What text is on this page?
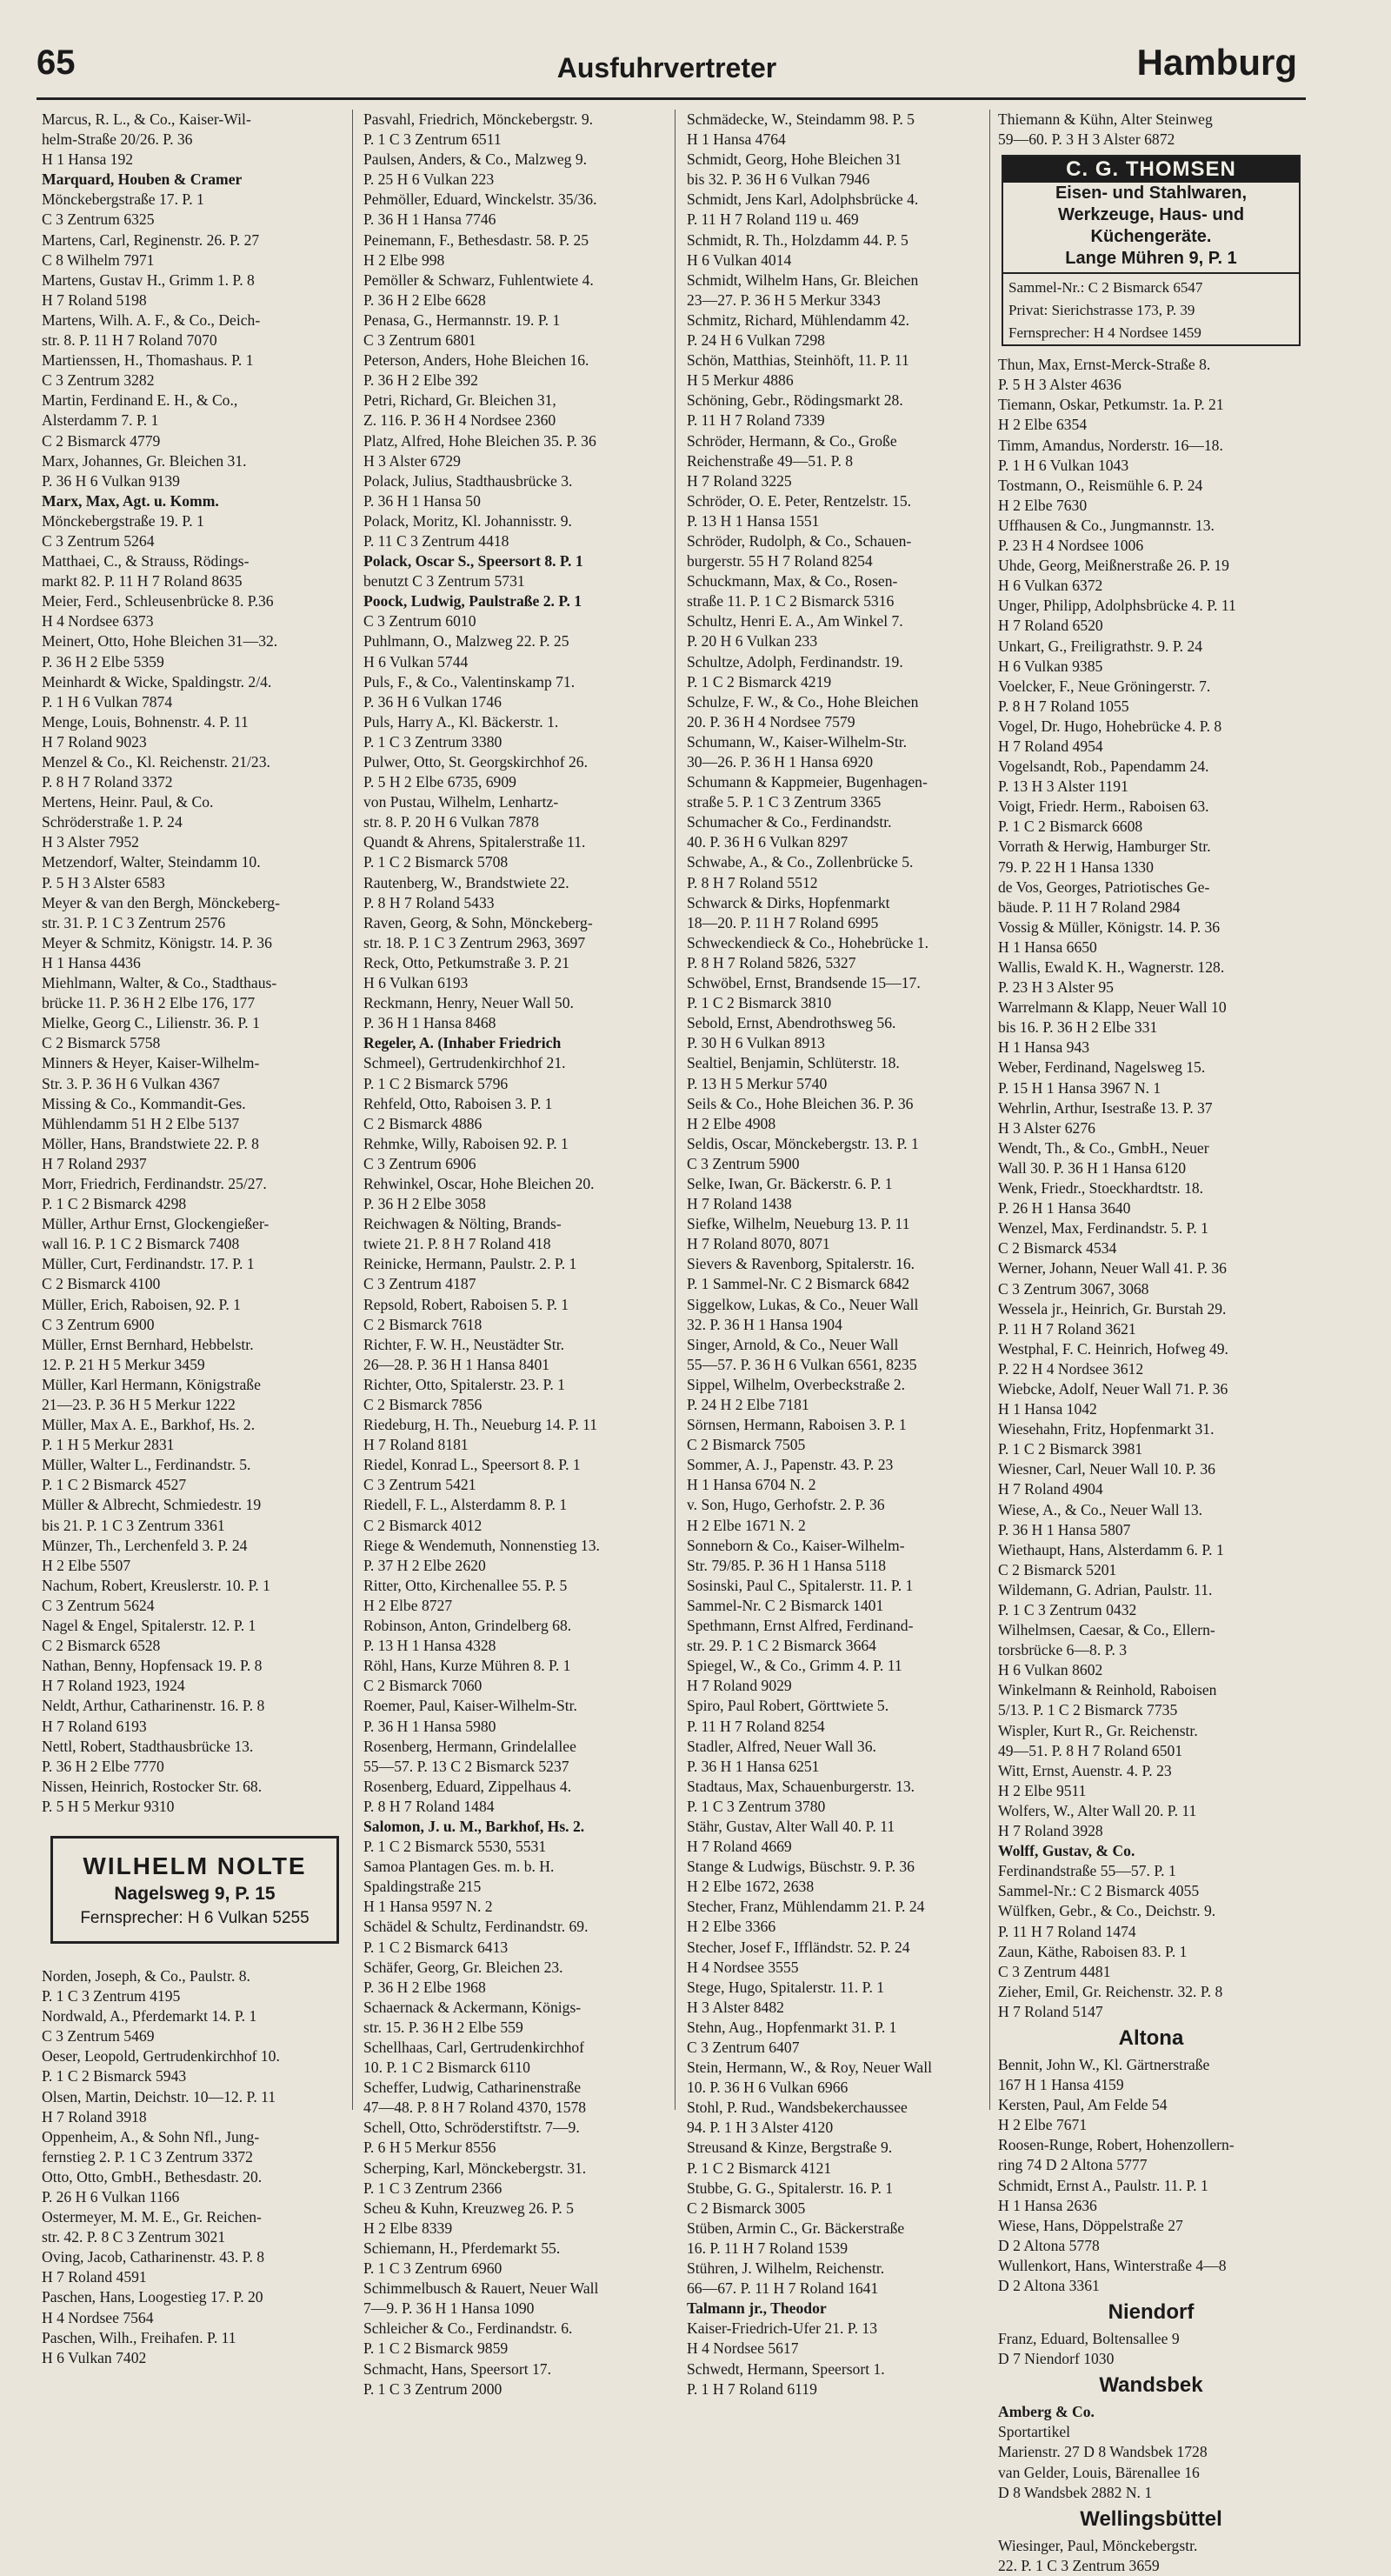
65	Ausfuhrvertreter	Hamburg
Marcus, R. L., & Co., Kaiser-Wil-
helm-Straße 20/26. P. 36
H 1 Hansa 192
Marquard, Houben & Cramer
Mönckebergstraße 17. P. 1
C 3 Zentrum 6325
Martens, Carl, Reginenstr. 26. P. 27
C 8 Wilhelm 7971
Martens, Gustav H., Grimm 1. P. 8
H 7 Roland 5198
Martens, Wilh. A. F., & Co., Deich-
str. 8. P. 11 H 7 Roland 7070
Martienssen, H., Thomashaus. P. 1
C 3 Zentrum 3282
Martin, Ferdinand E. H., & Co.,
Alsterdamm 7. P. 1
C 2 Bismarck 4779
Marx, Johannes, Gr. Bleichen 31.
P. 36 H 6 Vulkan 9139
Marx, Max, Agt. u. Komm.
Mönckebergstraße 19. P. 1
C 3 Zentrum 5264
Matthaei, C., & Strauss, Rödings-
markt 82. P. 11 H 7 Roland 8635
Meier, Ferd., Schleusenbrücke 8. P.36
H 4 Nordsee 6373
Meinert, Otto, Hohe Bleichen 31—32.
P. 36 H 2 Elbe 5359
Meinhardt & Wicke, Spaldingstr. 2/4.
P. 1 H 6 Vulkan 7874
Menge, Louis, Bohnenstr. 4. P. 11
H 7 Roland 9023
Menzel & Co., Kl. Reichenstr. 21/23.
P. 8 H 7 Roland 3372
Mertens, Heinr. Paul, & Co.
Schröderstraße 1. P. 24
H 3 Alster 7952
Metzendorf, Walter, Steindamm 10.
P. 5 H 3 Alster 6583
Meyer & van den Bergh, Mönckeberg-
str. 31. P. 1 C 3 Zentrum 2576
Meyer & Schmitz, Königstr. 14. P. 36
H 1 Hansa 4436
Miehlmann, Walter, & Co., Stadthaus-
brücke 11. P. 36 H 2 Elbe 176, 177
Mielke, Georg C., Lilienstr. 36. P. 1
C 2 Bismarck 5758
Minners & Heyer, Kaiser-Wilhelm-
Str. 3. P. 36 H 6 Vulkan 4367
Missing & Co., Kommandit-Ges.
Mühlendamm 51 H 2 Elbe 5137
Möller, Hans, Brandstwiete 22. P. 8
H 7 Roland 2937
Morr, Friedrich, Ferdinandstr. 25/27.
P. 1 C 2 Bismarck 4298
Müller, Arthur Ernst, Glockengießer-
wall 16. P. 1 C 2 Bismarck 7408
Müller, Curt, Ferdinandstr. 17. P. 1
C 2 Bismarck 4100
Müller, Erich, Raboisen, 92. P. 1
C 3 Zentrum 6900
Müller, Ernst Bernhard, Hebbelstr.
12. P. 21 H 5 Merkur 3459
Müller, Karl Hermann, Königstraße
21—23. P. 36 H 5 Merkur 1222
Müller, Max A. E., Barkhof, Hs. 2.
P. 1 H 5 Merkur 2831
Müller, Walter L., Ferdinandstr. 5.
P. 1 C 2 Bismarck 4527
Müller & Albrecht, Schmiedestr. 19
bis 21. P. 1 C 3 Zentrum 3361
Münzer, Th., Lerchenfeld 3. P. 24
H 2 Elbe 5507
Nachum, Robert, Kreuslerstr. 10. P. 1
C 3 Zentrum 5624
Nagel & Engel, Spitalerstr. 12. P. 1
C 2 Bismarck 6528
Nathan, Benny, Hopfensack 19. P. 8
H 7 Roland 1923, 1924
Neldt, Arthur, Catharinenstr. 16. P. 8
H 7 Roland 6193
Nettl, Robert, Stadthausbrücke 13.
P. 36 H 2 Elbe 7770
Nissen, Heinrich, Rostocker Str. 68.
P. 5 H 5 Merkur 9310
WILHELM NOLTE
Nagelsweg 9, P. 15
Fernsprecher: H 6 Vulkan 5255
Norden, Joseph, & Co., Paulstr. 8.
P. 1 C 3 Zentrum 4195
Nordwald, A., Pferdemarkt 14. P. 1
C 3 Zentrum 5469
Oeser, Leopold, Gertrudenkirchhof 10.
P. 1 C 2 Bismarck 5943
Olsen, Martin, Deichstr. 10—12. P. 11
H 7 Roland 3918
Oppenheim, A., & Sohn Nfl., Jung-
fernstieg 2. P. 1 C 3 Zentrum 3372
Otto, Otto, GmbH., Bethesdastr. 20.
P. 26 H 6 Vulkan 1166
Ostermeyer, M. M. E., Gr. Reichen-
str. 42. P. 8 C 3 Zentrum 3021
Oving, Jacob, Catharinenstr. 43. P. 8
H 7 Roland 4591
Paschen, Hans, Loogestieg 17. P. 20
H 4 Nordsee 7564
Paschen, Wilh., Freihafen. P. 11
H 6 Vulkan 7402
Pasvahl, Friedrich, Mönckebergstr. 9.
P. 1 C 3 Zentrum 6511
Paulsen, Anders, & Co., Malzweg 9.
P. 25 H 6 Vulkan 223
Pehmöller, Eduard, Winckelstr. 35/36.
P. 36 H 1 Hansa 7746
Peinemann, F., Bethesdastr. 58. P. 25
H 2 Elbe 998
Pemöller & Schwarz, Fuhlentwiete 4.
P. 36 H 2 Elbe 6628
Penasa, G., Hermannstr. 19. P. 1
C 3 Zentrum 6801
Peterson, Anders, Hohe Bleichen 16.
P. 36 H 2 Elbe 392
Petri, Richard, Gr. Bleichen 31,
Z. 116. P. 36 H 4 Nordsee 2360
Platz, Alfred, Hohe Bleichen 35. P. 36
H 3 Alster 6729
Polack, Julius, Stadthausbrücke 3.
P. 36 H 1 Hansa 50
Polack, Moritz, Kl. Johannisstr. 9.
P. 11 C 3 Zentrum 4418
Polack, Oscar S., Speersort 8. P. 1
benutzt C 3 Zentrum 5731
Poock, Ludwig, Paulstraße 2. P. 1
C 3 Zentrum 6010
Puhlmann, O., Malzweg 22. P. 25
H 6 Vulkan 5744
Puls, F., & Co., Valentinskamp 71.
P. 36 H 6 Vulkan 1746
Puls, Harry A., Kl. Bäckerstr. 1.
P. 1 C 3 Zentrum 3380
Pulwer, Otto, St. Georgskirchhof 26.
P. 5 H 2 Elbe 6735, 6909
von Pustau, Wilhelm, Lenhartz-
str. 8. P. 20 H 6 Vulkan 7878
Quandt & Ahrens, Spitalerstraße 11.
P. 1 C 2 Bismarck 5708
Rautenberg, W., Brandstwiete 22.
P. 8 H 7 Roland 5433
Raven, Georg, & Sohn, Mönckeberg-
str. 18. P. 1 C 3 Zentrum 2963, 3697
Reck, Otto, Petkumstraße 3. P. 21
H 6 Vulkan 6193
Reckmann, Henry, Neuer Wall 50.
P. 36 H 1 Hansa 8468
Regeler, A. (Inhaber Friedrich
Schmeel), Gertrudenkirchhof 21.
P. 1 C 2 Bismarck 5796
Rehfeld, Otto, Raboisen 3. P. 1
C 2 Bismarck 4886
Rehmke, Willy, Raboisen 92. P. 1
C 3 Zentrum 6906
Rehwinkel, Oscar, Hohe Bleichen 20.
P. 36 H 2 Elbe 3058
Reichwagen & Nölting, Brands-
twiete 21. P. 8 H 7 Roland 418
Reinicke, Hermann, Paulstr. 2. P. 1
C 3 Zentrum 4187
Repsold, Robert, Raboisen 5. P. 1
C 2 Bismarck 7618
Richter, F. W. H., Neustädter Str.
26—28. P. 36 H 1 Hansa 8401
Richter, Otto, Spitalerstr. 23. P. 1
C 2 Bismarck 7856
Riedeburg, H. Th., Neueburg 14. P. 11
H 7 Roland 8181
Riedel, Konrad L., Speersort 8. P. 1
C 3 Zentrum 5421
Riedell, F. L., Alsterdamm 8. P. 1
C 2 Bismarck 4012
Riege & Wendemuth, Nonnenstieg 13.
P. 37 H 2 Elbe 2620
Ritter, Otto, Kirchenallee 55. P. 5
H 2 Elbe 8727
Robinson, Anton, Grindelberg 68.
P. 13 H 1 Hansa 4328
Röhl, Hans, Kurze Mühren 8. P. 1
C 2 Bismarck 7060
Roemer, Paul, Kaiser-Wilhelm-Str.
P. 36 H 1 Hansa 5980
Rosenberg, Hermann, Grindelallee
55—57. P. 13 C 2 Bismarck 5237
Rosenberg, Eduard, Zippelhaus 4.
P. 8 H 7 Roland 1484
Salomon, J. u. M., Barkhof, Hs. 2.
P. 1 C 2 Bismarck 5530, 5531
Samoa Plantagen Ges. m. b. H.
Spaldingstraße 215
H 1 Hansa 9597 N. 2
Schädel & Schultz, Ferdinandstr. 69.
P. 1 C 2 Bismarck 6413
Schäfer, Georg, Gr. Bleichen 23.
P. 36 H 2 Elbe 1968
Schaernack & Ackermann, Königs-
str. 15. P. 36 H 2 Elbe 559
Schellhaas, Carl, Gertrudenkirchhof
10. P. 1 C 2 Bismarck 6110
Scheffer, Ludwig, Catharinenstraße
47—48. P. 8 H 7 Roland 4370, 1578
Schell, Otto, Schröderstiftstr. 7—9.
P. 6 H 5 Merkur 8556
Scherping, Karl, Mönckebergstr. 31.
P. 1 C 3 Zentrum 2366
Scheu & Kuhn, Kreuzweg 26. P. 5
H 2 Elbe 8339
Schiemann, H., Pferdemarkt 55.
P. 1 C 3 Zentrum 6960
Schimmelbusch & Rauert, Neuer Wall
7—9. P. 36 H 1 Hansa 1090
Schleicher & Co., Ferdinandstr. 6.
P. 1 C 2 Bismarck 9859
Schmacht, Hans, Speersort 17.
P. 1 C 3 Zentrum 2000
Schmädecke, W., Steindamm 98. P. 5
H 1 Hansa 4764
Schmidt, Georg, Hohe Bleichen 31
bis 32. P. 36 H 6 Vulkan 7946
Schmidt, Jens Karl, Adolphsbrücke 4.
P. 11 H 7 Roland 119 u. 469
Schmidt, R. Th., Holzdamm 44. P. 5
H 6 Vulkan 4014
Schmidt, Wilhelm Hans, Gr. Bleichen
23—27. P. 36 H 5 Merkur 3343
Schmitz, Richard, Mühlendamm 42.
P. 24 H 6 Vulkan 7298
Schön, Matthias, Steinhöft, 11. P. 11
H 5 Merkur 4886
Schöning, Gebr., Rödingsmarkt 28.
P. 11 H 7 Roland 7339
Schröder, Hermann, & Co., Große
Reichenstraße 49—51. P. 8
H 7 Roland 3225
Schröder, O. E. Peter, Rentzelstr. 15.
P. 13 H 1 Hansa 1551
Schröder, Rudolph, & Co., Schauen-
burgerstr. 55 H 7 Roland 8254
Schuckmann, Max, & Co., Rosen-
straße 11. P. 1 C 2 Bismarck 5316
Schultz, Henri E. A., Am Winkel 7.
P. 20 H 6 Vulkan 233
Schultze, Adolph, Ferdinandstr. 19.
P. 1 C 2 Bismarck 4219
Schulze, F. W., & Co., Hohe Bleichen
20. P. 36 H 4 Nordsee 7579
Schumann, W., Kaiser-Wilhelm-Str.
30—26. P. 36 H 1 Hansa 6920
Schumann & Kappmeier, Bugenhagen-
straße 5. P. 1 C 3 Zentrum 3365
Schumacher & Co., Ferdinandstr.
40. P. 36 H 6 Vulkan 8297
Schwabe, A., & Co., Zollenbrücke 5.
P. 8 H 7 Roland 5512
Schwarck & Dirks, Hopfenmarkt
18—20. P. 11 H 7 Roland 6995
Schweckendieck & Co., Hohebrücke 1.
P. 8 H 7 Roland 5826, 5327
Schwöbel, Ernst, Brandsende 15—17.
P. 1 C 2 Bismarck 3810
Sebold, Ernst, Abendrothsweg 56.
P. 30 H 6 Vulkan 8913
Sealtiel, Benjamin, Schlüterstr. 18.
P. 13 H 5 Merkur 5740
Seils & Co., Hohe Bleichen 36. P. 36
H 2 Elbe 4908
Seldis, Oscar, Mönckebergstr. 13. P. 1
C 3 Zentrum 5900
Selke, Iwan, Gr. Bäckerstr. 6. P. 1
H 7 Roland 1438
Siefke, Wilhelm, Neueburg 13. P. 11
H 7 Roland 8070, 8071
Sievers & Ravenborg, Spitalerstr. 16.
P. 1 Sammel-Nr. C 2 Bismarck 6842
Siggelkow, Lukas, & Co., Neuer Wall
32. P. 36 H 1 Hansa 1904
Singer, Arnold, & Co., Neuer Wall
55—57. P. 36 H 6 Vulkan 6561, 8235
Sippel, Wilhelm, Overbeckstraße 2.
P. 24 H 2 Elbe 7181
Sörnsen, Hermann, Raboisen 3. P. 1
C 2 Bismarck 7505
Sommer, A. J., Papenstr. 43. P. 23
H 1 Hansa 6704 N. 2
v. Son, Hugo, Gerhofstr. 2. P. 36
H 2 Elbe 1671 N. 2
Sonneborn & Co., Kaiser-Wilhelm-
Str. 79/85. P. 36 H 1 Hansa 5118
Sosinski, Paul C., Spitalerstr. 11. P. 1
Sammel-Nr. C 2 Bismarck 1401
Spethmann, Ernst Alfred, Ferdinand-
str. 29. P. 1 C 2 Bismarck 3664
Spiegel, W., & Co., Grimm 4. P. 11
H 7 Roland 9029
Spiro, Paul Robert, Görttwiete 5.
P. 11 H 7 Roland 8254
Stadler, Alfred, Neuer Wall 36.
P. 36 H 1 Hansa 6251
Stadtaus, Max, Schauenburgerstr. 13.
P. 1 C 3 Zentrum 3780
Stähr, Gustav, Alter Wall 40. P. 11
H 7 Roland 4669
Stange & Ludwigs, Büschstr. 9. P. 36
H 2 Elbe 1672, 2638
Stecher, Franz, Mühlendamm 21. P. 24
H 2 Elbe 3366
Stecher, Josef F., Iffländstr. 52. P. 24
H 4 Nordsee 3555
Stege, Hugo, Spitalerstr. 11. P. 1
H 3 Alster 8482
Stehn, Aug., Hopfenmarkt 31. P. 1
C 3 Zentrum 6407
Stein, Hermann, W., & Roy, Neuer Wall
10. P. 36 H 6 Vulkan 6966
Stohl, P. Rud., Wandsbekerchaussee
94. P. 1 H 3 Alster 4120
Streusand & Kinze, Bergstraße 9.
P. 1 C 2 Bismarck 4121
Stubbe, G. G., Spitalerstr. 16. P. 1
C 2 Bismarck 3005
Stüben, Armin C., Gr. Bäckerstraße
16. P. 11 H 7 Roland 1539
Stühren, J. Wilhelm, Reichenstr.
66—67. P. 11 H 7 Roland 1641
Talmann jr., Theodor
Kaiser-Friedrich-Ufer 21. P. 13
H 4 Nordsee 5617
Schwedt, Hermann, Speersort 1.
P. 1 H 7 Roland 6119
Thiemann & Kühn, Alter Steinweg
59—60. P. 3 H 3 Alster 6872
C. G. THOMSEN
Eisen- und Stahlwaren,
Werkzeuge, Haus- und
Küchengeräte.
Lange Mühren 9, P. 1
Sammel-Nr.: C 2 Bismarck 6547
Privat: Sierichstrasse 173, P. 39
Fernsprecher: H 4 Nordsee 1459
Thun, Max, Ernst-Merck-Straße 8.
P. 5 H 3 Alster 4636
Tiemann, Oskar, Petkumstr. 1a. P. 21
H 2 Elbe 6354
Timm, Amandus, Norderstr. 16—18.
P. 1 H 6 Vulkan 1043
Tostmann, O., Reismühle 6. P. 24
H 2 Elbe 7630
Uffhausen & Co., Jungmannstr. 13.
P. 23 H 4 Nordsee 1006
Uhde, Georg, Meißnerstraße 26. P. 19
H 6 Vulkan 6372
Unger, Philipp, Adolphsbrücke 4. P. 11
H 7 Roland 6520
Unkart, G., Freiligrathstr. 9. P. 24
H 6 Vulkan 9385
Voelcker, F., Neue Gröningerstr. 7.
P. 8 H 7 Roland 1055
Vogel, Dr. Hugo, Hohebrücke 4. P. 8
H 7 Roland 4954
Vogelsandt, Rob., Papendamm 24.
P. 13 H 3 Alster 1191
Voigt, Friedr. Herm., Raboisen 63.
P. 1 C 2 Bismarck 6608
Vorrath & Herwig, Hamburger Str.
79. P. 22 H 1 Hansa 1330
de Vos, Georges, Patriotisches Ge-
bäude. P. 11 H 7 Roland 2984
Vossig & Müller, Königstr. 14. P. 36
H 1 Hansa 6650
Wallis, Ewald K. H., Wagnerstr. 128.
P. 23 H 3 Alster 95
Warrelmann & Klapp, Neuer Wall 10
bis 16. P. 36 H 2 Elbe 331
H 1 Hansa 943
Weber, Ferdinand, Nagelsweg 15.
P. 15 H 1 Hansa 3967 N. 1
Wehrlin, Arthur, Isestraße 13. P. 37
H 3 Alster 6276
Wendt, Th., & Co., GmbH., Neuer
Wall 30. P. 36 H 1 Hansa 6120
Wenk, Friedr., Stoeckhardtstr. 18.
P. 26 H 1 Hansa 3640
Wenzel, Max, Ferdinandstr. 5. P. 1
C 2 Bismarck 4534
Werner, Johann, Neuer Wall 41. P. 36
C 3 Zentrum 3067, 3068
Wessela jr., Heinrich, Gr. Burstah 29.
P. 11 H 7 Roland 3621
Westphal, F. C. Heinrich, Hofweg 49.
P. 22 H 4 Nordsee 3612
Wiebcke, Adolf, Neuer Wall 71. P. 36
H 1 Hansa 1042
Wiesehahn, Fritz, Hopfenmarkt 31.
P. 1 C 2 Bismarck 3981
Wiesner, Carl, Neuer Wall 10. P. 36
H 7 Roland 4904
Wiese, A., & Co., Neuer Wall 13.
P. 36 H 1 Hansa 5807
Wiethaupt, Hans, Alsterdamm 6. P. 1
C 2 Bismarck 5201
Wildemann, G. Adrian, Paulstr. 11.
P. 1 C 3 Zentrum 0432
Wilhelmsen, Caesar, & Co., Ellern-
torsbrücke 6—8. P. 3
H 6 Vulkan 8602
Winkelmann & Reinhold, Raboisen
5/13. P. 1 C 2 Bismarck 7735
Wispler, Kurt R., Gr. Reichenstr.
49—51. P. 8 H 7 Roland 6501
Witt, Ernst, Auenstr. 4. P. 23
H 2 Elbe 9511
Wolfers, W., Alter Wall 20. P. 11
H 7 Roland 3928
Wolff, Gustav, & Co.
Ferdinandstraße 55—57. P. 1
Sammel-Nr.: C 2 Bismarck 4055
Wülfken, Gebr., & Co., Deichstr. 9.
P. 11 H 7 Roland 1474
Zaun, Käthe, Raboisen 83. P. 1
C 3 Zentrum 4481
Zieher, Emil, Gr. Reichenstr. 32. P. 8
H 7 Roland 5147
Altona
Bennit, John W., Kl. Gärtnerstraße
167 H 1 Hansa 4159
Kersten, Paul, Am Felde 54
H 2 Elbe 7671
Roosen-Runge, Robert, Hohenzollern-
ring 74 D 2 Altona 5777
Schmidt, Ernst A., Paulstr. 11. P. 1
H 1 Hansa 2636
Wiese, Hans, Döppelstraße 27
D 2 Altona 5778
Wullenkort, Hans, Winterstraße 4—8
D 2 Altona 3361
Niendorf
Franz, Eduard, Boltensallee 9
D 7 Niendorf 1030
Wandsbek
Amberg & Co.
Sportartikel
Marienstr. 27 D 8 Wandsbek 1728
van Gelder, Louis, Bärenallee 16
D 8 Wandsbek 2882 N. 1
Wellingsbüttel
Wiesinger, Paul, Mönckebergstr.
22. P. 1 C 3 Zentrum 3659
